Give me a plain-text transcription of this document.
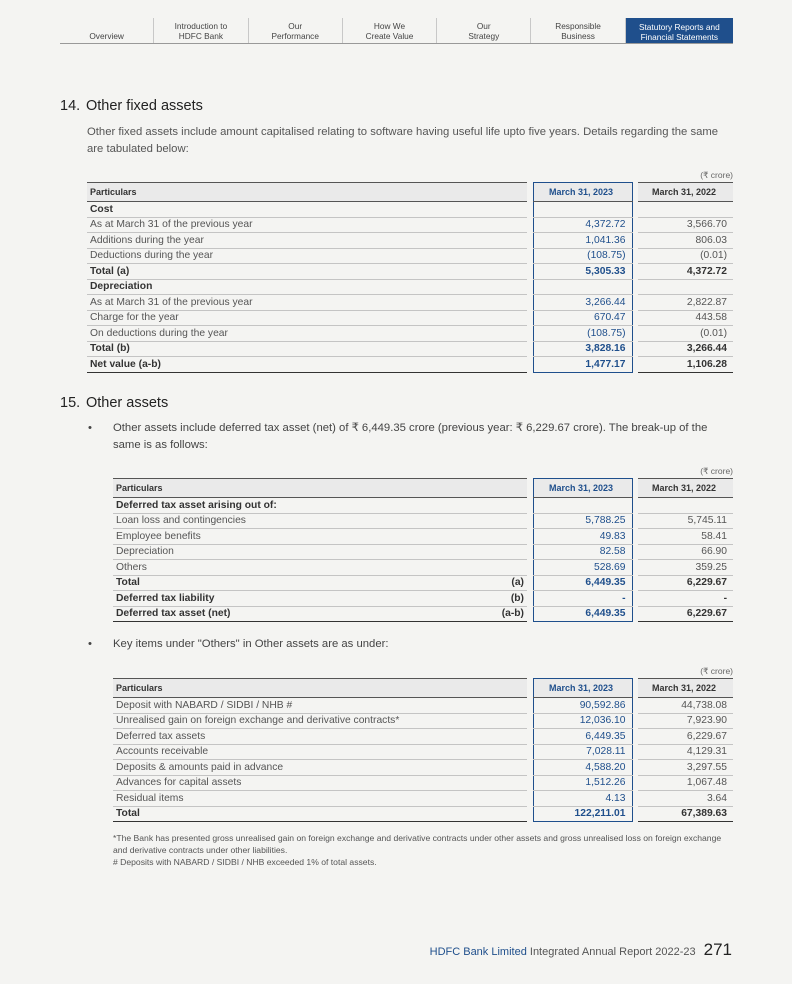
Overview
Introduction to
HDFC Bank
Our
Performance
How We
Create Value
Our
Strategy
Responsible
Business
Statutory Reports and
Financial Statements
14. Other fixed assets

Other fixed assets include amount capitalised relating to software having useful life upto five years. Details regarding the same are tabulated below:

(₹ crore)
Particulars		March 31, 2023		March 31, 2022
Cost				
As at March 31 of the previous year		4,372.72		3,566.70
Additions during the year		1,041.36		806.03
Deductions during the year		(108.75)		(0.01)
Total (a)		5,305.33		4,372.72
Depreciation				
As at March 31 of the previous year		3,266.44		2,822.87
Charge for the year		670.47		443.58
On deductions during the year		(108.75)		(0.01)
Total (b)		3,828.16		3,266.44
Net value (a-b)		1,477.17		1,106.28
15. Other assets
• Other assets include deferred tax asset (net) of ₹ 6,449.35 crore (previous year: ₹ 6,229.67 crore). The break-up of the same is as follows:
(₹ crore)
Particulars		March 31, 2023		March 31, 2022
Deferred tax asset arising out of:				
Loan loss and contingencies		5,788.25		5,745.11
Employee benefits		49.83		58.41
Depreciation		82.58		66.90
Others		528.69		359.25
Total (a)		6,449.35		6,229.67
Deferred tax liability (b)		-		-
Deferred tax asset (net) (a-b)		6,449.35		6,229.67
• Key items under "Others" in Other assets are as under:
(₹ crore)
Particulars		March 31, 2023		March 31, 2022
Deposit with NABARD / SIDBI / NHB #		90,592.86		44,738.08
Unrealised gain on foreign exchange and derivative contracts*		12,036.10		7,923.90
Deferred tax assets		6,449.35		6,229.67
Accounts receivable		7,028.11		4,129.31
Deposits & amounts paid in advance		4,588.20		3,297.55
Advances for capital assets		1,512.26		1,067.48
Residual items		4.13		3.64
Total		122,211.01		67,389.63

*The Bank has presented gross unrealised gain on foreign exchange and derivative contracts under other assets and gross unrealised loss on foreign exchange and derivative contracts under other liabilities.

# Deposits with NABARD / SIDBI / NHB exceeded 1% of total assets.

HDFC Bank Limited Integrated Annual Report 2022-23 271
